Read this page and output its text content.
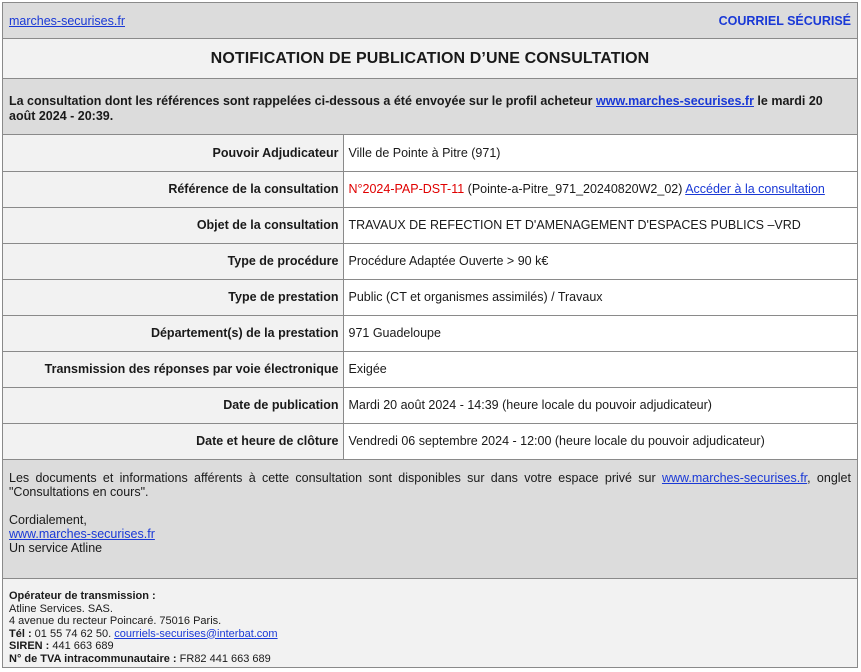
marches-securises.fr	COURRIEL SÉCURISÉ
NOTIFICATION DE PUBLICATION D’UNE CONSULTATION
La consultation dont les références sont rappelées ci-dessous a été envoyée sur le profil acheteur www.marches-securises.fr le mardi 20 août 2024 - 20:39.
Pouvoir Adjudicateur	Ville de Pointe à Pitre (971)
Référence de la consultation	N°2024-PAP-DST-11 (Pointe-a-Pitre_971_20240820W2_02) Accéder à la consultation
Objet de la consultation	TRAVAUX DE REFECTION ET D'AMENAGEMENT D'ESPACES PUBLICS –VRD
Type de procédure	Procédure Adaptée Ouverte > 90 k€
Type de prestation	Public (CT et organismes assimilés) / Travaux
Département(s) de la prestation	971 Guadeloupe
Transmission des réponses par voie électronique	Exigée
Date de publication	Mardi 20 août 2024 - 14:39 (heure locale du pouvoir adjudicateur)
Date et heure de clôture	Vendredi 06 septembre 2024 - 12:00 (heure locale du pouvoir adjudicateur)
Les documents et informations afférents à cette consultation sont disponibles sur dans votre espace privé sur www.marches-securises.fr, onglet "Consultations en cours".
Cordialement,
www.marches-securises.fr
Un service Atline
Opérateur de transmission :
Atline Services. SAS.
4 avenue du recteur Poincaré. 75016 Paris.
Tél : 01 55 74 62 50. courriels-securises@interbat.com
SIREN : 441 663 689
N° de TVA intracommunautaire : FR82 441 663 689
